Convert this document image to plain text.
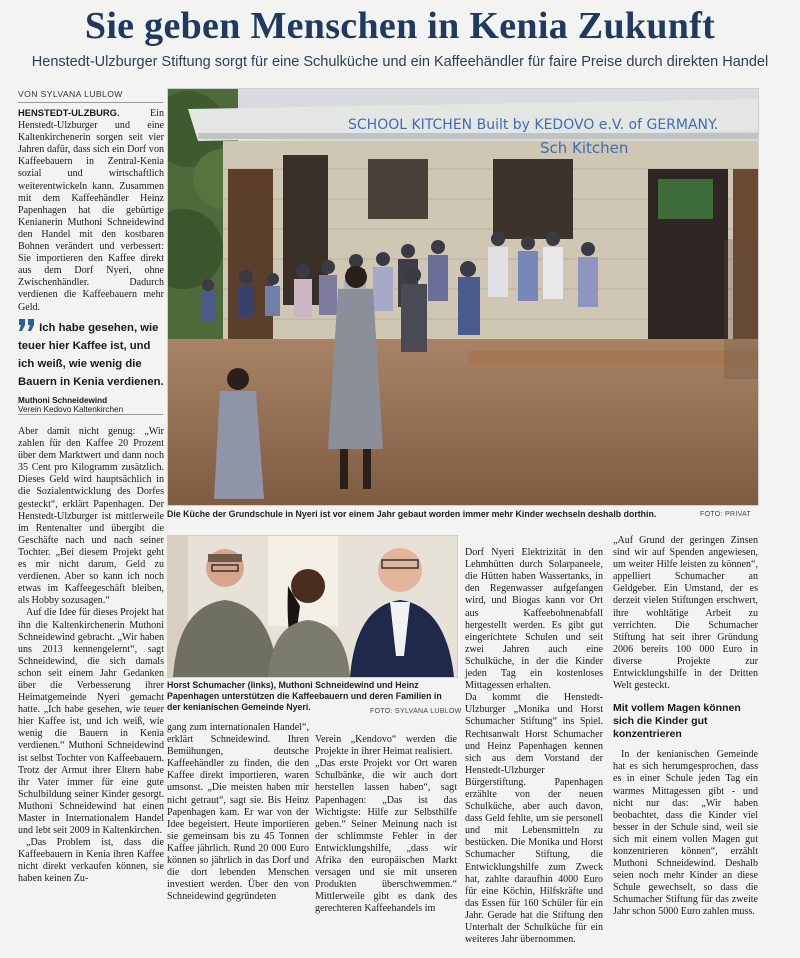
Sie geben Menschen in Kenia Zukunft
Henstedt-Ulzburger Stiftung sorgt für eine Schulküche und ein Kaffeehändler für faire Preise durch direkten Handel
VON SYLVANA LUBLOW

HENSTEDT-ULZBURG.	Ein Henstedt-Ulzburger und eine Kaltenkirchenerin sorgen seit vier Jahren dafür, dass sich ein Dorf von Kaffeebauern in Zentral-Kenia sozial und wirtschaftlich weiterentwickeln kann. Zusammen mit dem Kaffeehändler Heinz Papenhagen hat die gebürtige Kenianerin Muthoni Schneidewind den Handel mit den kostbaren Bohnen verändert und verbessert: Sie importieren den Kaffee direkt aus dem Dorf Nyeri, ohne Zwischenhändler. Dadurch verdienen die Kaffeebauern mehr Geld.

Ich habe gesehen, wie teuer hier Kaffee ist, und ich weiß, wie wenig die Bauern in Kenia verdienen.
Muthoni Schneidewind
Verein Kedovo Kaltenkirchen

Aber damit nicht genug: „Wir zahlen für den Kaffee 20 Prozent über dem Marktwert und dann noch 35 Cent pro Kilogramm zusätzlich. Dieses Geld wird hauptsächlich in die Sozialentwicklung des Dorfes gesteckt“, erklärt Papenhagen. Der Henstedt-Ulzburger ist mittlerweile im Rentenalter und übergibt die Geschäfte nach und nach seiner Tochter. „Bei diesem Projekt geht es mir nicht darum, Geld zu verdienen. Aber so kann ich noch etwas im Kaffeegeschäft bleiben, als Hobby sozusagen.“

Auf die Idee für dieses Projekt hat ihn die Kaltenkirchenerin Muthoni Schneidewind gebracht. „Wir haben uns 2013 kennengelernt“, sagt Schneidewind, die sich damals schon seit einem Jahr Gedanken über die Verbesserung ihrer Heimatgemeinde Nyeri gemacht hatte. „Ich habe gesehen, wie teuer hier Kaffee ist, und ich weiß, wie wenig die Bauern in Kenia verdienen.“ Muthoni Schneidewind ist selbst Tochter von Kaffeebauern. Trotz der Armut ihrer Eltern habe ihr Vater immer für eine gute Schulbildung seiner Kinder gesorgt. Muthoni Schneidewind hat einen Master in Internationalem Handel und lebt seit 2009 in Kaltenkirchen.

„Das Problem ist, dass die Kaffeebauern in Kenia ihren Kaffee nicht direkt verkaufen können, sie haben keinen Zu-

SCHOOL KITCHEN Built by KEDOVO e.V. of GERMANY.
Sch Kitchen
Die Küche der Grundschule in Nyeri ist vor einem Jahr gebaut worden immer mehr Kinder wechseln deshalb dorthin.	FOTO: PRIVAT
Horst Schumacher (links), Muthoni Schneidewind und Heinz Papenhagen unterstützen die Kaffeebauern und deren Familien in der kenianischen Gemeinde Nyeri.	FOTO: SYLVANA LUBLOW

gang zum internationalen Handel“, erklärt Schneidewind. Ihren Bemühungen, deutsche Kaffeehändler zu finden, die den Kaffee direkt importieren, waren umsonst. „Die meisten haben mir nicht getraut“, sagt sie. Bis Heinz Papenhagen kam. Er war von der Idee begeistert. Heute importieren sie gemeinsam bis zu 45 Tonnen Kaffee jährlich. Rund 20 000 Euro können so jährlich in das Dorf und die dort lebenden Menschen investiert werden. Über den von Schneidewind gegründeten

Verein „Kendovo“ werden die Projekte in ihrer Heimat realisiert.
„Das erste Projekt vor Ort waren Schulbänke, die wir auch dort herstellen lassen haben“, sagt Papenhagen: „Das ist das Wichtigste: Hilfe zur Selbsthilfe geben.“ Seiner Meinung nach ist der schlimmste Fehler in der Entwicklungshilfe, „dass wir Afrika den europäischen Markt versagen und sie mit unseren Produkten überschwemmen.“ Mittlerweile gibt es dank des gerechteren Kaffeehandels im

Dorf Nyeri Elektrizität in den Lehmhütten durch Solarpaneele, die Hütten haben Wassertanks, in den Regenwasser aufgefangen wird, und Biogas kann vor Ort aus Kaffeebohnenabfall hergestellt werden. Es gibt gut eingerichtete Schulen und seit zwei Jahren auch eine Schulküche, in der die Kinder jeden Tag ein kostenloses Mittagessen erhalten.
Da kommt die Henstedt-Ulzburger „Monika und Horst Schumacher Stiftung“ ins Spiel. Rechtsanwalt Horst Schumacher und Heinz Papenhagen kennen sich aus dem Vorstand der Henstedt-Ulzburger Bürgerstiftung. Papenhagen erzählte von der neuen Schulküche, aber auch davon, dass Geld fehlte, um sie personell und mit Lebensmitteln zu bestücken. Die Monika und Horst Schumacher Stiftung, die Entwicklungshilfe zum Zweck hat, zahlte daraufhin 4000 Euro für eine Köchin, Hilfskräfte und das Essen für 160 Schüler für ein Jahr. Gerade hat die Stiftung den Unterhalt der Schulküche für ein weiteres Jahr übernommen.

„Auf Grund der geringen Zinsen sind wir auf Spenden angewiesen, um weiter Hilfe leisten zu können“, appelliert Schumacher an Geldgeber. Ein Umstand, der es derzeit vielen Stiftungen erschwert, ihre wohltätige Arbeit zu verrichten. Die Schumacher Stiftung hat seit ihrer Gründung 2006 bereits 100 000 Euro in diverse Projekte zur Entwicklungshilfe in der Dritten Welt gesteckt.

Mit vollem Magen können sich die Kinder gut konzentrieren

In der kenianischen Gemeinde hat es sich herumgesprochen, dass es in einer Schule jeden Tag ein warmes Mittagessen gibt - und nicht nur das: „Wir haben beobachtet, dass die Kinder viel besser in der Schule sind, weil sie sich mit einem vollen Magen gut konzentrieren können“, erzählt Muthoni Schneidewind. Deshalb seien noch mehr Kinder an diese Schule gewechselt, so dass die Schumacher Stiftung für das zweite Jahr schon 5000 Euro zahlen muss.
